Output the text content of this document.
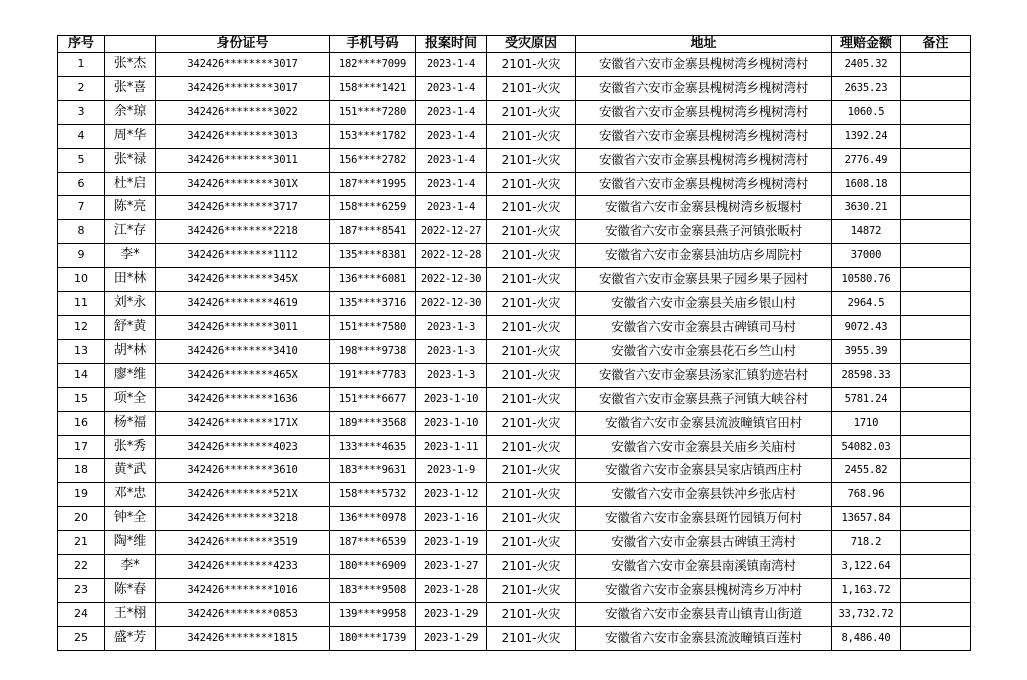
序号		身份证号	手机号码	报案时间	受灾原因	地址	理赔金额	备注
1	张*杰	342426********3017	182****7099	2023-1-4	2101-火灾	安徽省六安市金寨县槐树湾乡槐树湾村	2405.32	
2	张*喜	342426********3017	158****1421	2023-1-4	2101-火灾	安徽省六安市金寨县槐树湾乡槐树湾村	2635.23	
3	余*琼	342426********3022	151****7280	2023-1-4	2101-火灾	安徽省六安市金寨县槐树湾乡槐树湾村	1060.5	
4	周*华	342426********3013	153****1782	2023-1-4	2101-火灾	安徽省六安市金寨县槐树湾乡槐树湾村	1392.24	
5	张*禄	342426********3011	156****2782	2023-1-4	2101-火灾	安徽省六安市金寨县槐树湾乡槐树湾村	2776.49	
6	杜*启	342426********301X	187****1995	2023-1-4	2101-火灾	安徽省六安市金寨县槐树湾乡槐树湾村	1608.18	
7	陈*亮	342426********3717	158****6259	2023-1-4	2101-火灾	安徽省六安市金寨县槐树湾乡板堰村	3630.21	
8	江*存	342426********2218	187****8541	2022-12-27	2101-火灾	安徽省六安市金寨县燕子河镇张畈村	14872	
9	李*	342426********1112	135****8381	2022-12-28	2101-火灾	安徽省六安市金寨县油坊店乡周院村	37000	
10	田*林	342426********345X	136****6081	2022-12-30	2101-火灾	安徽省六安市金寨县果子园乡果子园村	10580.76	
11	刘*永	342426********4619	135****3716	2022-12-30	2101-火灾	安徽省六安市金寨县关庙乡银山村	2964.5	
12	舒*黄	342426********3011	151****7580	2023-1-3	2101-火灾	安徽省六安市金寨县古碑镇司马村	9072.43	
13	胡*林	342426********3410	198****9738	2023-1-3	2101-火灾	安徽省六安市金寨县花石乡竺山村	3955.39	
14	廖*维	342426********465X	191****7783	2023-1-3	2101-火灾	安徽省六安市金寨县汤家汇镇豹迹岩村	28598.33	
15	项*全	342426********1636	151****6677	2023-1-10	2101-火灾	安徽省六安市金寨县燕子河镇大峡谷村	5781.24	
16	杨*福	342426********171X	189****3568	2023-1-10	2101-火灾	安徽省六安市金寨县流波疃镇官田村	1710	
17	张*秀	342426********4023	133****4635	2023-1-11	2101-火灾	安徽省六安市金寨县关庙乡关庙村	54082.03	
18	黄*武	342426********3610	183****9631	2023-1-9	2101-火灾	安徽省六安市金寨县吴家店镇西庄村	2455.82	
19	邓*忠	342426********521X	158****5732	2023-1-12	2101-火灾	安徽省六安市金寨县铁冲乡张店村	768.96	
20	钟*全	342426********3218	136****0978	2023-1-16	2101-火灾	安徽省六安市金寨县斑竹园镇万何村	13657.84	
21	陶*维	342426********3519	187****6539	2023-1-19	2101-火灾	安徽省六安市金寨县古碑镇王湾村	718.2	
22	李*	342426********4233	180****6909	2023-1-27	2101-火灾	安徽省六安市金寨县南溪镇南湾村	3,122.64	
23	陈*春	342426********1016	183****9508	2023-1-28	2101-火灾	安徽省六安市金寨县槐树湾乡万冲村	1,163.72	
24	王*栩	342426********0853	139****9958	2023-1-29	2101-火灾	安徽省六安市金寨县青山镇青山街道	33,732.72	
25	盛*芳	342426********1815	180****1739	2023-1-29	2101-火灾	安徽省六安市金寨县流波疃镇百莲村	8,486.40	
